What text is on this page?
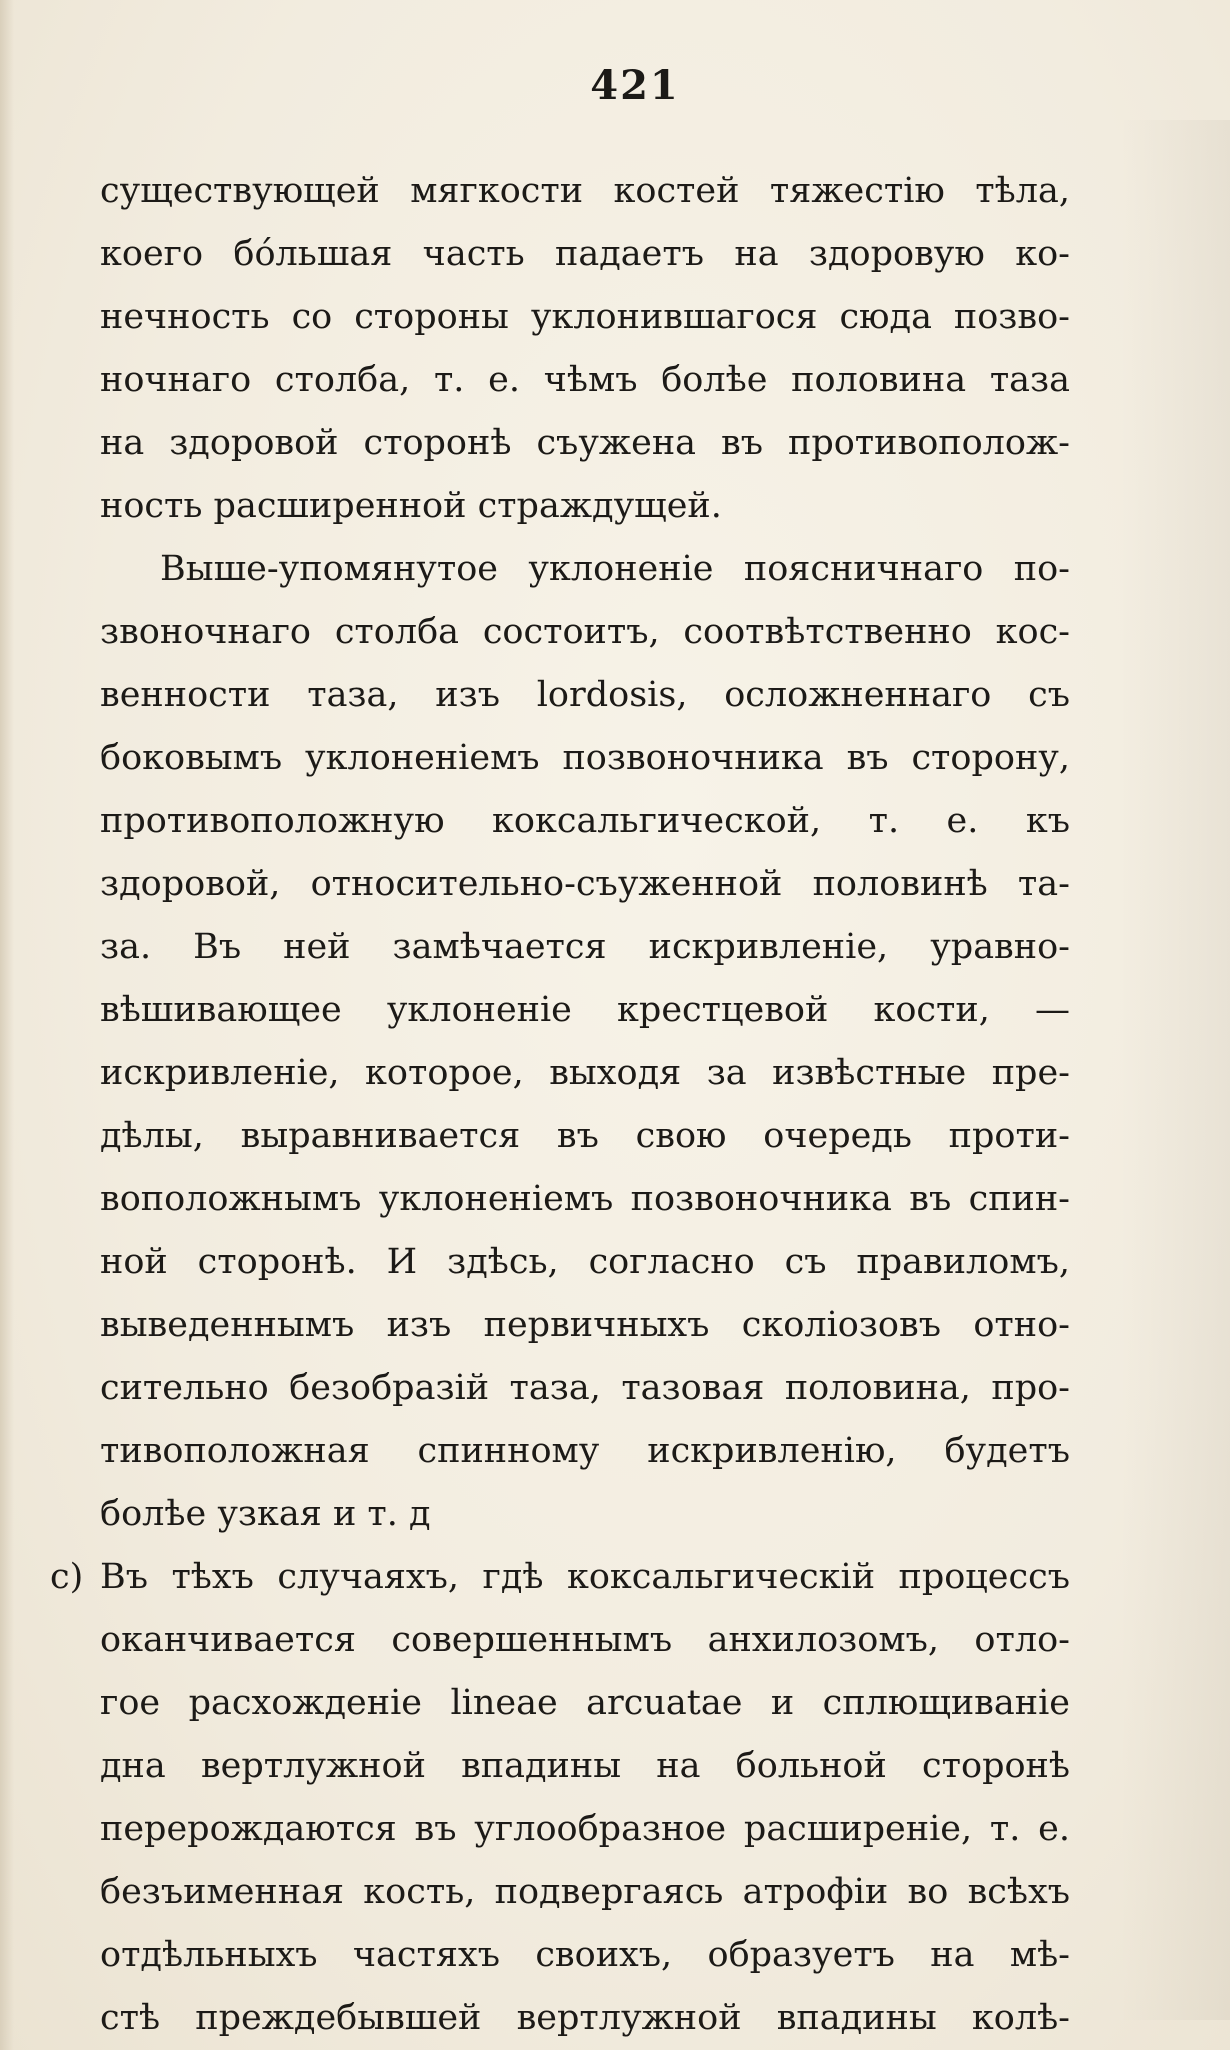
421
существующей мягкости костей тяжестію тѣла,
коего бо́льшая часть падаетъ на здоровую ко-
нечность со стороны уклонившагося сюда позво-
ночнаго столба, т. е. чѣмъ болѣе половина таза
на здоровой сторонѣ съужена въ противополож-
ность расширенной страждущей.
Выше-упомянутое уклоненіе поясничнаго по-
звоночнаго столба состоитъ, соотвѣтственно кос-
венности таза, изъ lordosis, осложненнаго съ
боковымъ уклоненіемъ позвоночника въ сторону,
противоположную коксальгической, т. е. къ
здоровой, относительно-съуженной половинѣ та-
за. Въ ней замѣчается искривленіе, уравно-
вѣшивающее уклоненіе крестцевой кости, —
искривленіе, которое, выходя за извѣстные пре-
дѣлы, выравнивается въ свою очередь проти-
воположнымъ уклоненіемъ позвоночника въ спин-
ной сторонѣ. И здѣсь, согласно съ правиломъ,
выведеннымъ изъ первичныхъ сколіозовъ отно-
сительно безобразій таза, тазовая половина, про-
тивоположная спинному искривленію, будетъ
болѣе узкая и т. д
c) Въ тѣхъ случаяхъ, гдѣ коксальгическій процессъ
оканчивается совершеннымъ анхилозомъ, отло-
гое расхожденіе lineae arcuatae и сплющиваніе
дна вертлужной впадины на больной сторонѣ
перерождаются въ углообразное расширеніе, т. е.
безъименная кость, подвергаясь атрофіи во всѣхъ
отдѣльныхъ частяхъ своихъ, образуетъ на мѣ-
стѣ преждебывшей вертлужной впадины колѣ-
